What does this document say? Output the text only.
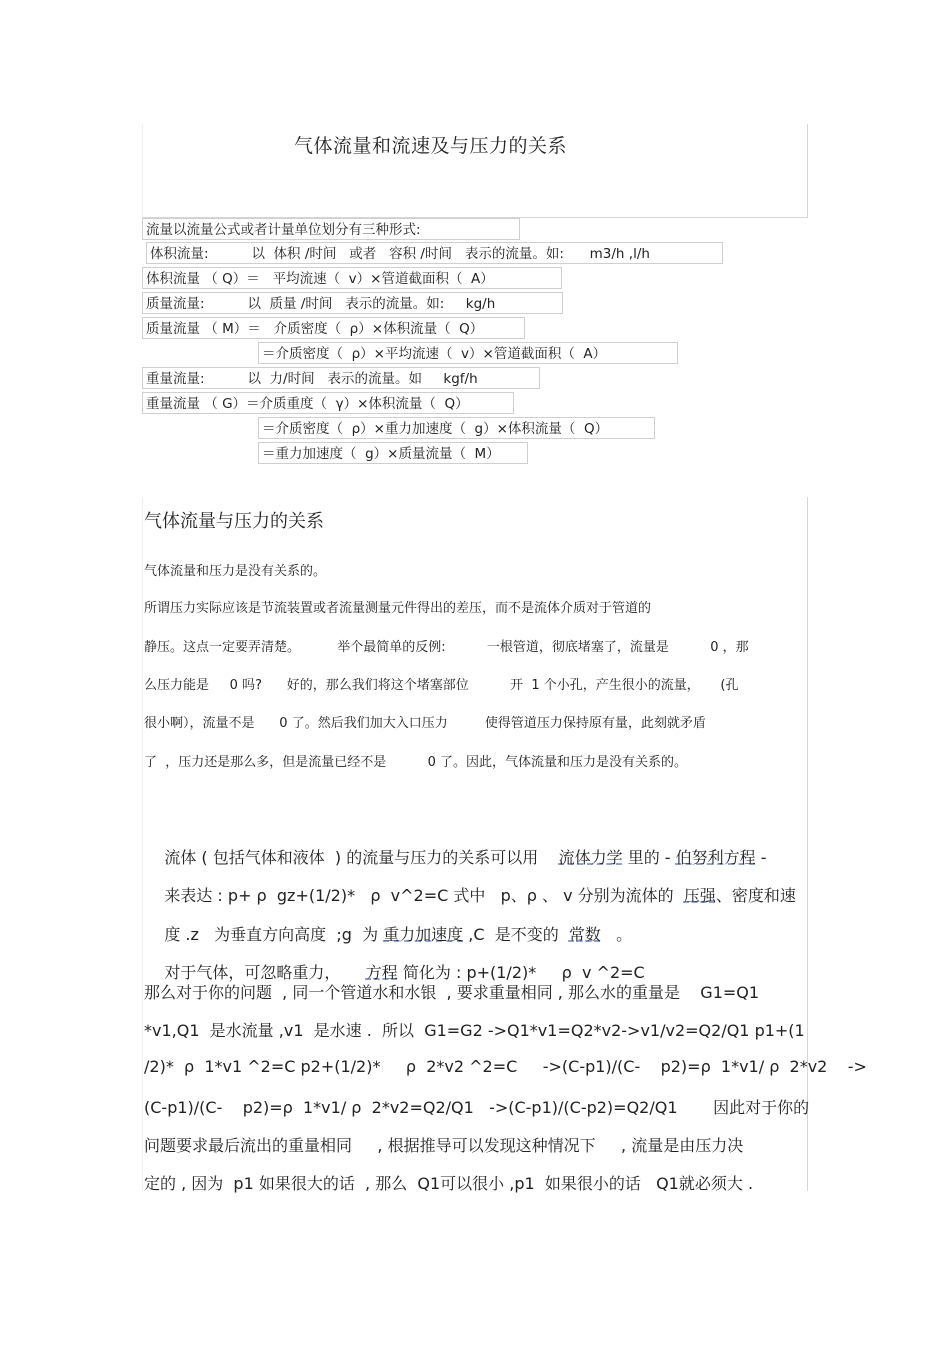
气体流量和流速及与压力的关系
流量以流量公式或者计量单位划分有三种形式:
体积流量:          以  体积 /时间   或者   容积 /时间   表示的流量。如:      m3/h ,l/h
体积流量 （ Q）＝   平均流速（  v）×管道截面积（  A）
质量流量:          以  质量 /时间   表示的流量。如:     kg/h
质量流量 （ M）＝   介质密度（  ρ）×体积流量（  Q）
＝介质密度（  ρ）×平均流速（  v）×管道截面积（  A）
重量流量:          以  力/时间   表示的流量。如     kgf/h
重量流量 （ G）＝介质重度（  γ）×体积流量（  Q）
＝介质密度（  ρ）×重力加速度（  g）×体积流量（  Q）
＝重力加速度（  g）×质量流量（  M）
气体流量与压力的关系
气体流量和压力是没有关系的。
所谓压力实际应该是节流装置或者流量测量元件得出的差压，而不是流体介质对于管道的
静压。这点一定要弄清楚。         举个最简单的反例:          一根管道，彻底堵塞了，流量是          0 ，那
么压力能是     0 吗?      好的，那么我们将这个堵塞部位          开  1 个小孔，产生很小的流量，     (孔
很小啊），流量不是      0 了。然后我们加大入口压力         使得管道压力保持原有量，此刻就矛盾
了  ，压力还是那么多，但是流量已经不是          0 了。因此，气体流量和压力是没有关系的。

流体 ( 包括气体和液体  ) 的流量与压力的关系可以用    流体力学 里的 - 伯努利方程 -

来表达 : p+ ρ  gz+(1/2)*   ρ  v^2=C 式中   p、ρ 、 v 分别为流体的  压强、密度和速

度 .z   为垂直方向高度  ;g  为 重力加速度 ,C  是不变的  常数   。

对于气体，可忽略重力，     方程 简化为 : p+(1/2)*     ρ  v ^2=C

那么对于你的问题  , 同一个管道水和水银  , 要求重量相同 , 那么水的重量是    G1=Q1
*v1,Q1  是水流量 ,v1  是水速 .  所以  G1=G2 ->Q1*v1=Q2*v2->v1/v2=Q2/Q1 p1+(1
/2)*  ρ  1*v1 ^2=C p2+(1/2)*     ρ  2*v2 ^2=C     ->(C-p1)/(C-    p2)=ρ  1*v1/ ρ  2*v2    ->
(C-p1)/(C-    p2)=ρ  1*v1/ ρ  2*v2=Q2/Q1   ->(C-p1)/(C-p2)=Q2/Q1       因此对于你的
问题要求最后流出的重量相同     , 根据推导可以发现这种情况下     , 流量是由压力决
定的 , 因为  p1 如果很大的话  , 那么  Q1可以很小 ,p1  如果很小的话   Q1就必须大 .
